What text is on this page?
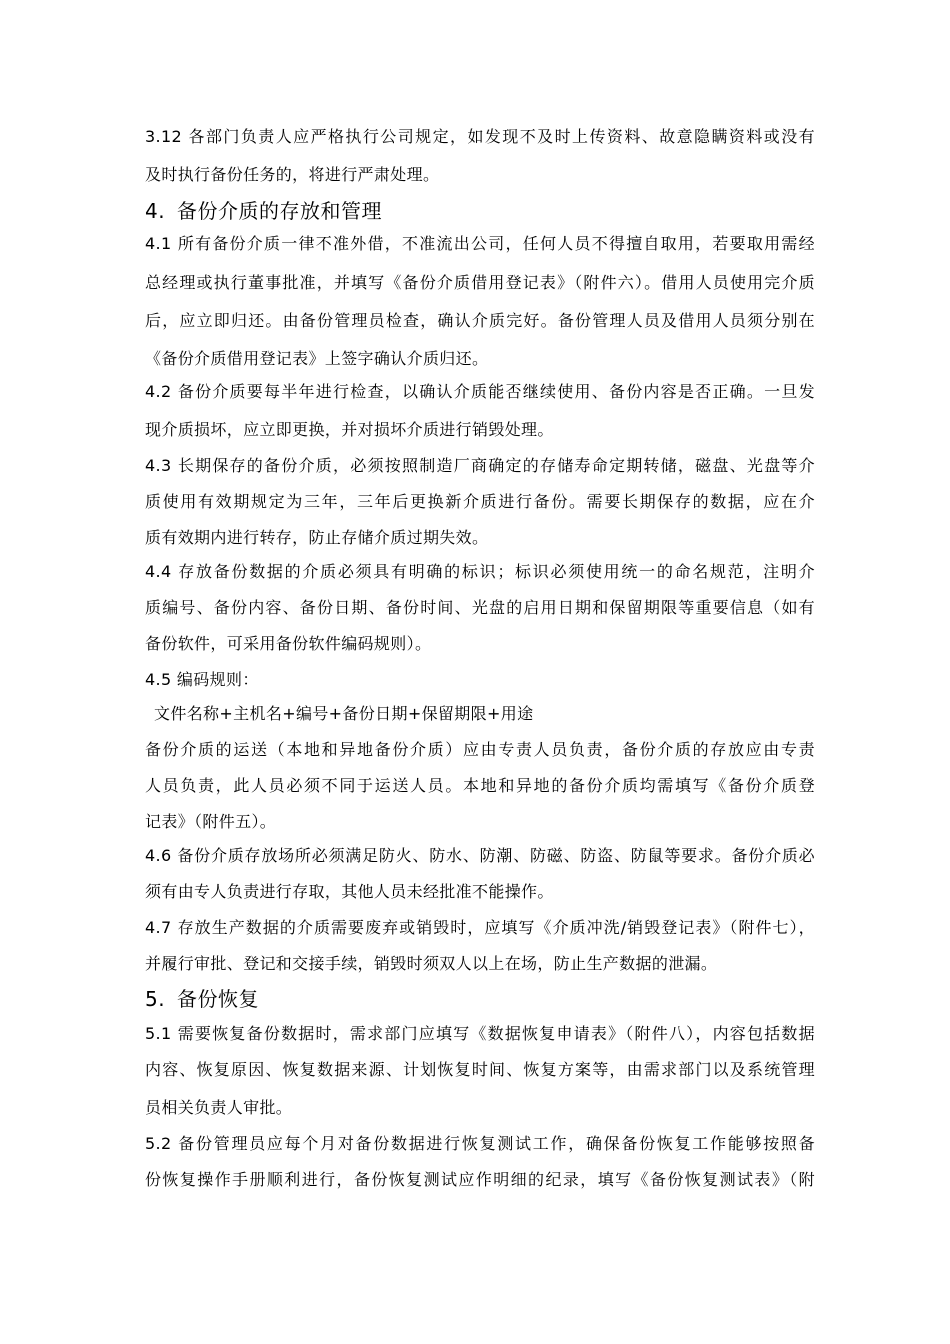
3.12 各部门负责人应严格执行公司规定，如发现不及时上传资料、故意隐瞒资料或没有
及时执行备份任务的，将进行严肃处理。
4. 备份介质的存放和管理
4.1 所有备份介质一律不准外借，不准流出公司，任何人员不得擅自取用，若要取用需经
总经理或执行董事批准，并填写《备份介质借用登记表》（附件六）。借用人员使用完介质
后，应立即归还。由备份管理员检查，确认介质完好。备份管理人员及借用人员须分别在
《备份介质借用登记表》上签字确认介质归还。
4.2 备份介质要每半年进行检查，以确认介质能否继续使用、备份内容是否正确。一旦发
现介质损坏，应立即更换，并对损坏介质进行销毁处理。
4.3 长期保存的备份介质，必须按照制造厂商确定的存储寿命定期转储，磁盘、光盘等介
质使用有效期规定为三年，三年后更换新介质进行备份。需要长期保存的数据，应在介
质有效期内进行转存，防止存储介质过期失效。
4.4 存放备份数据的介质必须具有明确的标识；标识必须使用统一的命名规范，注明介
质编号、备份内容、备份日期、备份时间、光盘的启用日期和保留期限等重要信息（如有
备份软件，可采用备份软件编码规则）。
4.5 编码规则：
文件名称+主机名+编号+备份日期+保留期限+用途
备份介质的运送（本地和异地备份介质）应由专责人员负责，备份介质的存放应由专责
人员负责，此人员必须不同于运送人员。本地和异地的备份介质均需填写《备份介质登
记表》（附件五）。
4.6 备份介质存放场所必须满足防火、防水、防潮、防磁、防盗、防鼠等要求。备份介质必
须有由专人负责进行存取，其他人员未经批准不能操作。
4.7 存放生产数据的介质需要废弃或销毁时，应填写《介质冲洗/销毁登记表》（附件七），
并履行审批、登记和交接手续，销毁时须双人以上在场，防止生产数据的泄漏。
5. 备份恢复
5.1 需要恢复备份数据时，需求部门应填写《数据恢复申请表》（附件八），内容包括数据
内容、恢复原因、恢复数据来源、计划恢复时间、恢复方案等，由需求部门以及系统管理
员相关负责人审批。
5.2 备份管理员应每个月对备份数据进行恢复测试工作，确保备份恢复工作能够按照备
份恢复操作手册顺利进行，备份恢复测试应作明细的纪录，填写《备份恢复测试表》（附
